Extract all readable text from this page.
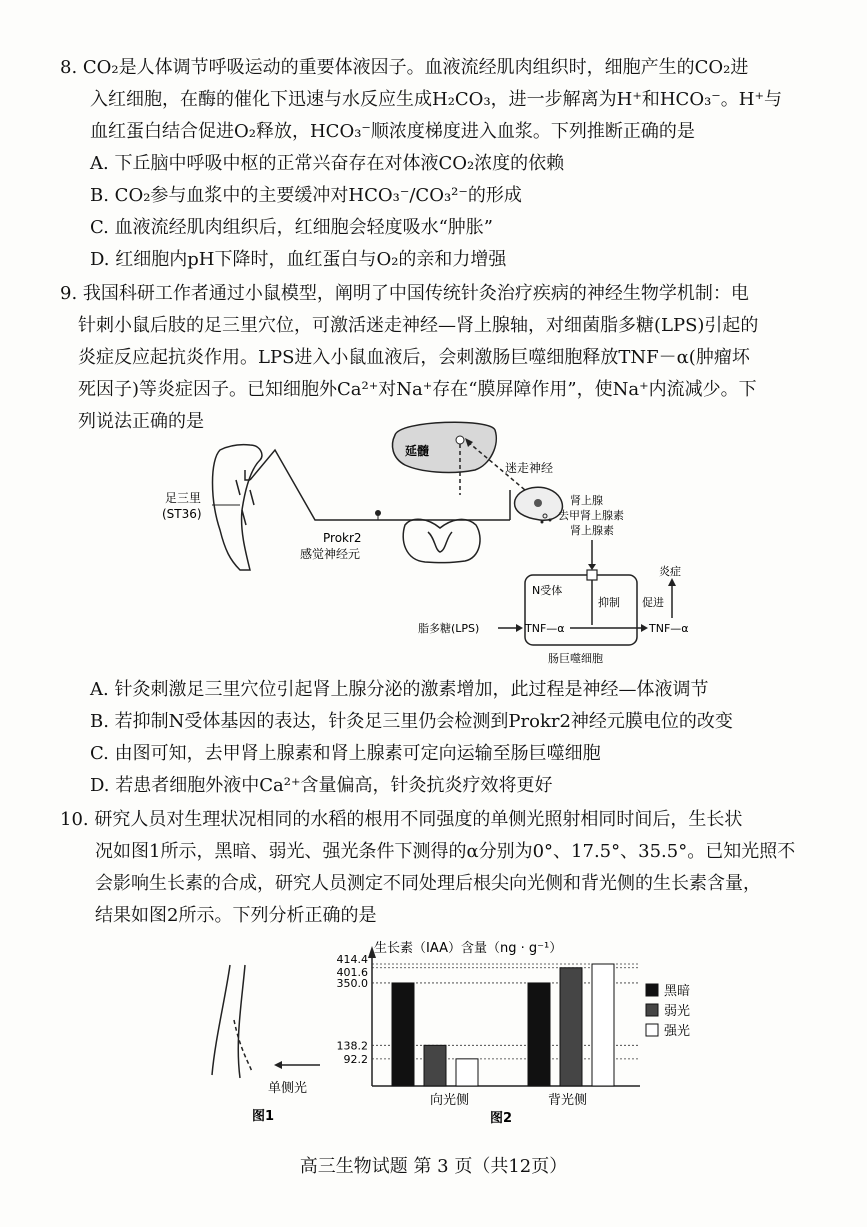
8. CO₂是人体调节呼吸运动的重要体液因子。血液流经肌肉组织时，细胞产生的CO₂进
入红细胞，在酶的催化下迅速与水反应生成H₂CO₃，进一步解离为H⁺和HCO₃⁻。H⁺与
血红蛋白结合促进O₂释放，HCO₃⁻顺浓度梯度进入血浆。下列推断正确的是
A. 下丘脑中呼吸中枢的正常兴奋存在对体液CO₂浓度的依赖
B. CO₂参与血浆中的主要缓冲对HCO₃⁻/CO₃²⁻的形成
C. 血液流经肌肉组织后，红细胞会轻度吸水“肿胀”
D. 红细胞内pH下降时，血红蛋白与O₂的亲和力增强
9. 我国科研工作者通过小鼠模型，阐明了中国传统针灸治疗疾病的神经生物学机制：电
针刺小鼠后肢的足三里穴位，可激活迷走神经—肾上腺轴，对细菌脂多糖(LPS)引起的
炎症反应起抗炎作用。LPS进入小鼠血液后，会刺激肠巨噬细胞释放TNF－α(肿瘤坏
死因子)等炎症因子。已知细胞外Ca²⁺对Na⁺存在“膜屏障作用”，使Na⁺内流减少。下
列说法正确的是
足三里
(ST36)
Prokr2
感觉神经元
延髓
迷走神经
肾上腺
去甲肾上腺素
肾上腺素
N受体
抑制 促进
炎症
脂多糖(LPS)	TNF—α	TNF—α
肠巨噬细胞
A. 针灸刺激足三里穴位引起肾上腺分泌的激素增加，此过程是神经—体液调节
B. 若抑制N受体基因的表达，针灸足三里仍会检测到Prokr2神经元膜电位的改变
C. 由图可知，去甲肾上腺素和肾上腺素可定向运输至肠巨噬细胞
D. 若患者细胞外液中Ca²⁺含量偏高，针灸抗炎疗效将更好
10. 研究人员对生理状况相同的水稻的根用不同强度的单侧光照射相同时间后，生长状
况如图1所示，黑暗、弱光、强光条件下测得的α分别为0°、17.5°、35.5°。已知光照不
会影响生长素的合成，研究人员测定不同处理后根尖向光侧和背光侧的生长素含量，
结果如图2所示。下列分析正确的是
单侧光
图1
生长素（IAA）含量（ng · g⁻¹）
414.4
401.6
350.0
138.2
92.2
向光侧	背光侧
图2
黑暗
弱光
强光
高三生物试题 第 3 页（共12页）
